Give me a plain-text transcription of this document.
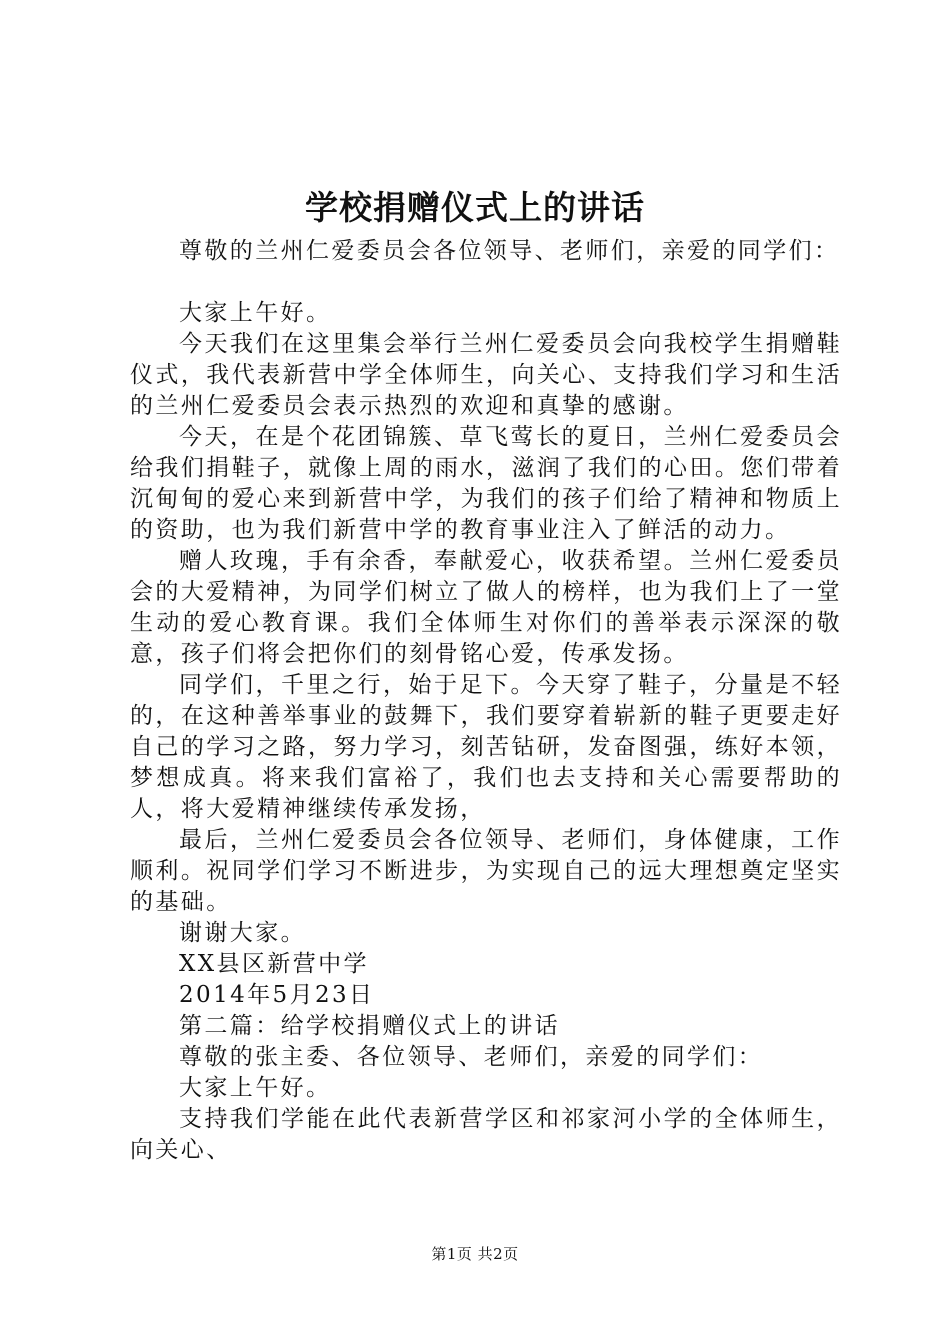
学校捐赠仪式上的讲话

尊敬的兰州仁爱委员会各位领导、老师们，亲爱的同学们：

大家上午好。

今天我们在这里集会举行兰州仁爱委员会向我校学生捐赠鞋仪式，我代表新营中学全体师生，向关心、支持我们学习和生活的兰州仁爱委员会表示热烈的欢迎和真挚的感谢。

今天，在是个花团锦簇、草飞莺长的夏日，兰州仁爱委员会给我们捐鞋子，就像上周的雨水，滋润了我们的心田。您们带着沉甸甸的爱心来到新营中学，为我们的孩子们给了精神和物质上的资助，也为我们新营中学的教育事业注入了鲜活的动力。

赠人玫瑰，手有余香，奉献爱心，收获希望。兰州仁爱委员会的大爱精神，为同学们树立了做人的榜样，也为我们上了一堂生动的爱心教育课。我们全体师生对你们的善举表示深深的敬意，孩子们将会把你们的刻骨铭心爱，传承发扬。

同学们，千里之行，始于足下。今天穿了鞋子，分量是不轻的，在这种善举事业的鼓舞下，我们要穿着崭新的鞋子更要走好自己的学习之路，努力学习，刻苦钻研，发奋图强，练好本领，梦想成真。将来我们富裕了，我们也去支持和关心需要帮助的人，将大爱精神继续传承发扬，

最后，兰州仁爱委员会各位领导、老师们，身体健康，工作顺利。祝同学们学习不断进步，为实现自己的远大理想奠定坚实的基础。

谢谢大家。

XX县区新营中学

2014年5月23日

第二篇：给学校捐赠仪式上的讲话

尊敬的张主委、各位领导、老师们，亲爱的同学们：

大家上午好。

支持我们学能在此代表新营学区和祁家河小学的全体师生，向关心、

第1页 共2页
